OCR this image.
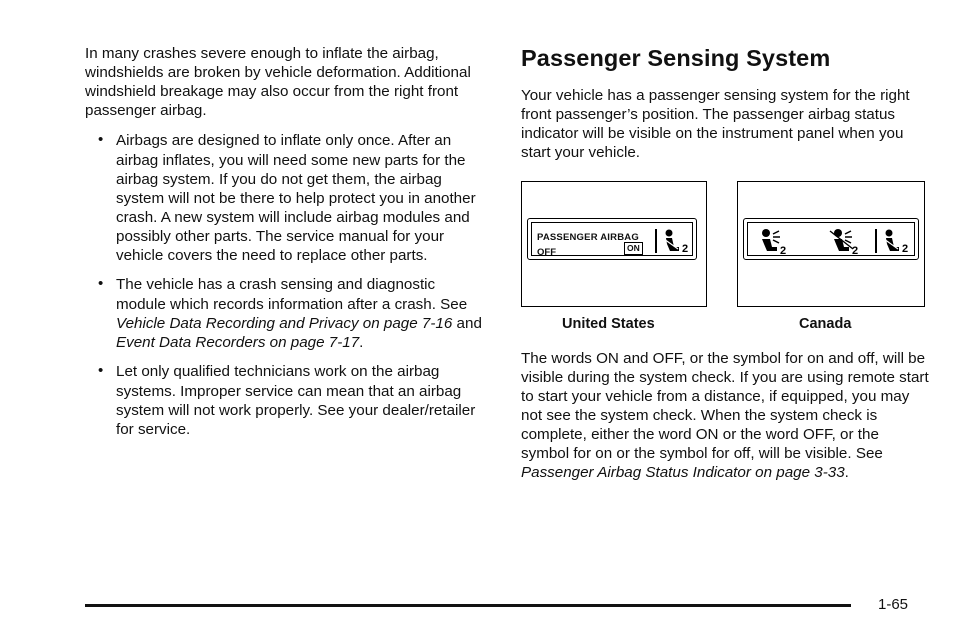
In many crashes severe enough to inflate the airbag, windshields are broken by vehicle deformation. Additional windshield breakage may also occur from the right front passenger airbag.

• Airbags are designed to inflate only once. After an
airbag inflates, you will need some new parts for the airbag system. If you do not get them, the airbag system will not be there to help protect you in another crash. A new system will include airbag modules and possibly other parts. The service manual for your vehicle covers the need to replace other parts.
• The vehicle has a crash sensing and diagnostic
module which records information after a crash. See Vehicle Data Recording and Privacy on page 7-16 and Event Data Recorders on page 7-17.
• Let only qualified technicians work on the airbag
systems. Improper service can mean that an airbag system will not work properly. See your dealer/retailer for service.
Passenger Sensing System

Your vehicle has a passenger sensing system for the right front passenger’s position. The passenger airbag status indicator will be visible on the instrument panel when you start your vehicle.

PASSENGER AIRBAG
OFF	ON	2	2	2	2
United States	Canada

The words ON and OFF, or the symbol for on and off, will be visible during the system check. If you are using remote start to start your vehicle from a distance, if equipped, you may not see the system check. When the system check is complete, either the word ON or the word OFF, or the symbol for on or the symbol for off, will be visible. See Passenger Airbag Status Indicator on page 3-33.

1-65
